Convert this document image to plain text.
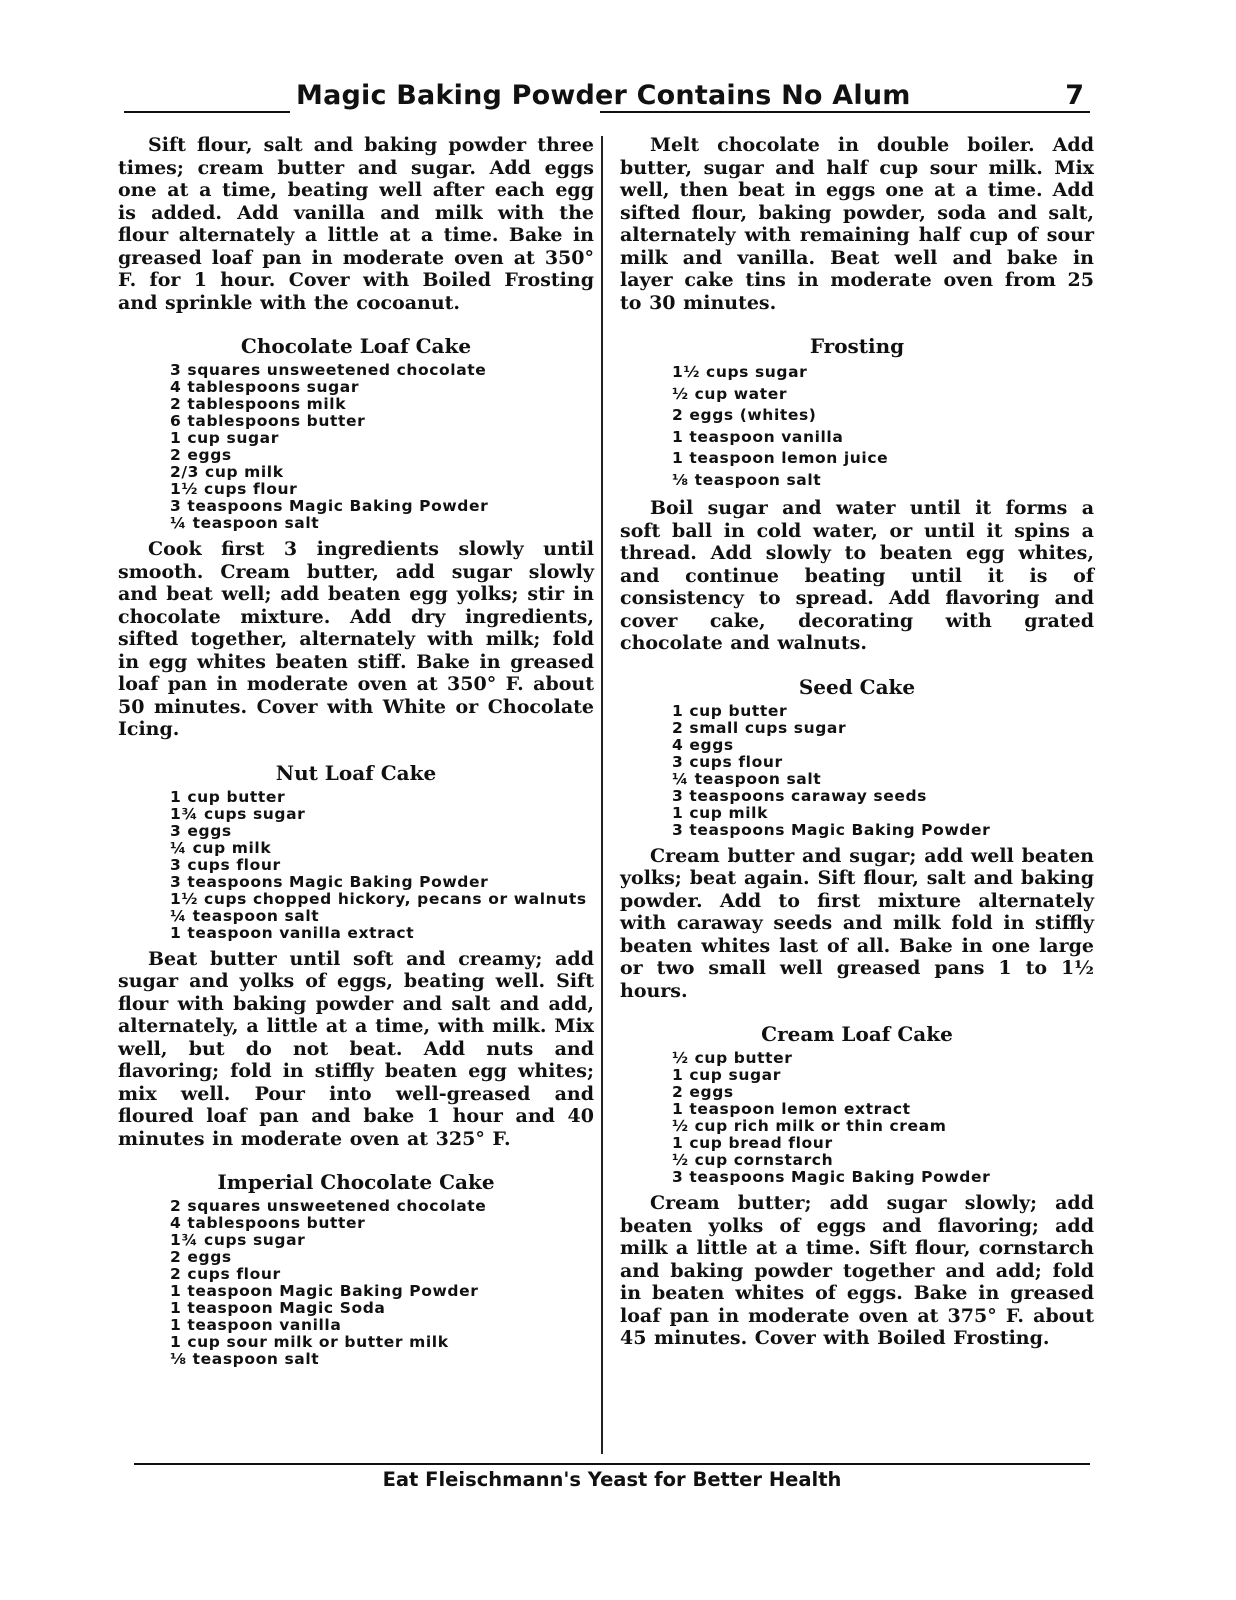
Magic Baking Powder Contains No Alum	7

Sift flour, salt and baking powder three times; cream butter and sugar. Add eggs one at a time, beating well after each egg is added. Add vanilla and milk with the flour alternately a little at a time. Bake in greased loaf pan in moderate oven at 350° F. for 1 hour. Cover with Boiled Frosting and sprinkle with the cocoanut.

Chocolate Loaf Cake
3 squares unsweetened chocolate
4 tablespoons sugar
2 tablespoons milk
6 tablespoons butter
1 cup sugar
2 eggs
2/3 cup milk
1½ cups flour
3 teaspoons Magic Baking Powder
¼ teaspoon salt

Cook first 3 ingredients slowly until smooth. Cream butter, add sugar slowly and beat well; add beaten egg yolks; stir in chocolate mixture. Add dry ingredients, sifted together, alternately with milk; fold in egg whites beaten stiff. Bake in greased loaf pan in moderate oven at 350° F. about 50 minutes. Cover with White or Chocolate Icing.

Nut Loaf Cake
1 cup butter
1¾ cups sugar
3 eggs
¼ cup milk
3 cups flour
3 teaspoons Magic Baking Powder
1½ cups chopped hickory, pecans or walnuts
¼ teaspoon salt
1 teaspoon vanilla extract

Beat butter until soft and creamy; add sugar and yolks of eggs, beating well. Sift flour with baking powder and salt and add, alternately, a little at a time, with milk. Mix well, but do not beat. Add nuts and flavoring; fold in stiffly beaten egg whites; mix well. Pour into well-greased and floured loaf pan and bake 1 hour and 40 minutes in moderate oven at 325° F.

Imperial Chocolate Cake
2 squares unsweetened chocolate
4 tablespoons butter
1¾ cups sugar
2 eggs
2 cups flour
1 teaspoon Magic Baking Powder
1 teaspoon Magic Soda
1 teaspoon vanilla
1 cup sour milk or butter milk
⅛ teaspoon salt

Melt chocolate in double boiler. Add butter, sugar and half cup sour milk. Mix well, then beat in eggs one at a time. Add sifted flour, baking powder, soda and salt, alternately with remaining half cup of sour milk and vanilla. Beat well and bake in layer cake tins in moderate oven from 25 to 30 minutes.

Frosting
1½ cups sugar
½ cup water
2 eggs (whites)
1 teaspoon vanilla
1 teaspoon lemon juice
⅛ teaspoon salt

Boil sugar and water until it forms a soft ball in cold water, or until it spins a thread. Add slowly to beaten egg whites, and continue beating until it is of consistency to spread. Add flavoring and cover cake, decorating with grated chocolate and walnuts.

Seed Cake
1 cup butter
2 small cups sugar
4 eggs
3 cups flour
¼ teaspoon salt
3 teaspoons caraway seeds
1 cup milk
3 teaspoons Magic Baking Powder

Cream butter and sugar; add well beaten yolks; beat again. Sift flour, salt and baking powder. Add to first mixture alternately with caraway seeds and milk fold in stiffly beaten whites last of all. Bake in one large or two small well greased pans 1 to 1½ hours.

Cream Loaf Cake
½ cup butter
1 cup sugar
2 eggs
1 teaspoon lemon extract
½ cup rich milk or thin cream
1 cup bread flour
½ cup cornstarch
3 teaspoons Magic Baking Powder

Cream butter; add sugar slowly; add beaten yolks of eggs and flavoring; add milk a little at a time. Sift flour, cornstarch and baking powder together and add; fold in beaten whites of eggs. Bake in greased loaf pan in moderate oven at 375° F. about 45 minutes. Cover with Boiled Frosting.

Eat Fleischmann's Yeast for Better Health
